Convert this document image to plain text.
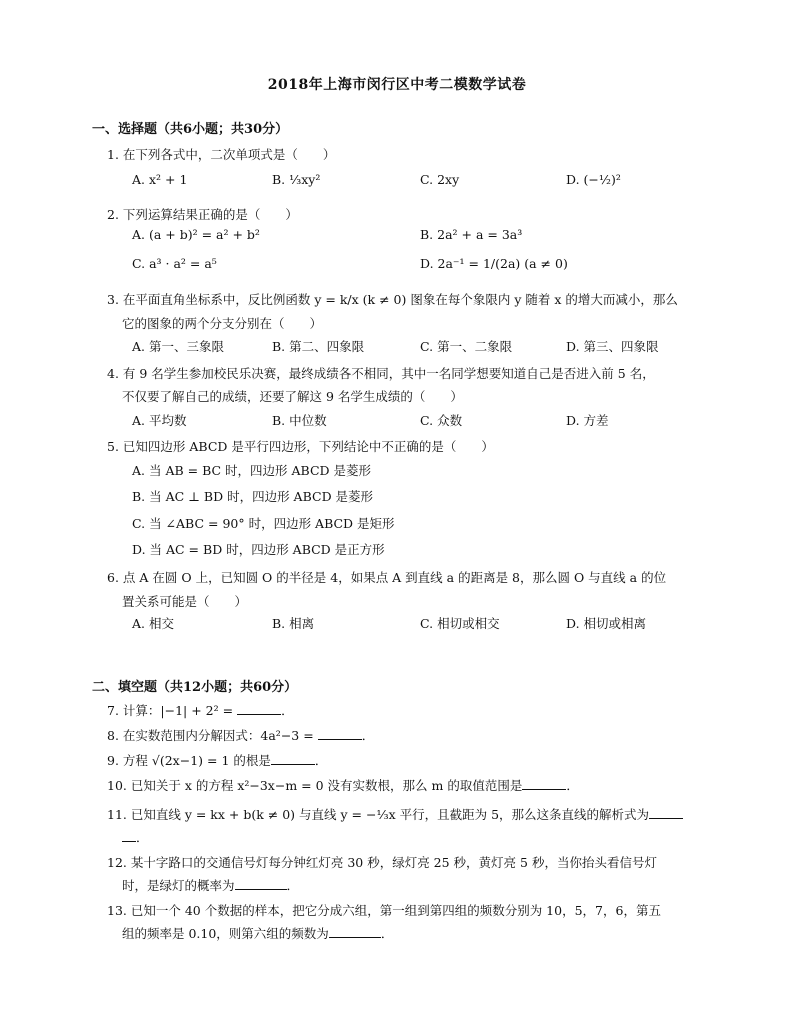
2018年上海市闵行区中考二模数学试卷
一、选择题（共6小题；共30分）
1. 在下列各式中，二次单项式是（　　）
A. x² + 1	B. ⅓xy²	C. 2xy	D. (−½)²
2. 下列运算结果正确的是（　　）
A. (a + b)² = a² + b²	B. 2a² + a = 3a³
C. a³ · a² = a⁵	D. 2a⁻¹ = 1/(2a) (a ≠ 0)
3. 在平面直角坐标系中，反比例函数 y = k/x (k ≠ 0) 图象在每个象限内 y 随着 x 的增大而减小，那么
它的图象的两个分支分别在（　　）
A. 第一、三象限	B. 第二、四象限	C. 第一、二象限	D. 第三、四象限
4. 有 9 名学生参加校民乐决赛，最终成绩各不相同，其中一名同学想要知道自己是否进入前 5 名，
不仅要了解自己的成绩，还要了解这 9 名学生成绩的（　　）
A. 平均数	B. 中位数	C. 众数	D. 方差
5. 已知四边形 ABCD 是平行四边形，下列结论中不正确的是（　　）
A. 当 AB = BC 时，四边形 ABCD 是菱形
B. 当 AC ⊥ BD 时，四边形 ABCD 是菱形
C. 当 ∠ABC = 90° 时，四边形 ABCD 是矩形
D. 当 AC = BD 时，四边形 ABCD 是正方形
6. 点 A 在圆 O 上，已知圆 O 的半径是 4，如果点 A 到直线 a 的距离是 8，那么圆 O 与直线 a 的位
置关系可能是（　　）
A. 相交	B. 相离	C. 相切或相交	D. 相切或相离
二、填空题（共12小题；共60分）
7. 计算：|−1| + 2² =	．
8. 在实数范围内分解因式：4a²−3 =	．
9. 方程 √(2x−1) = 1 的根是	．
10. 已知关于 x 的方程 x²−3x−m = 0 没有实数根，那么 m 的取值范围是	．
11. 已知直线 y = kx + b(k ≠ 0) 与直线 y = −⅓x 平行，且截距为 5，那么这条直线的解析式为
．
12. 某十字路口的交通信号灯每分钟红灯亮 30 秒，绿灯亮 25 秒，黄灯亮 5 秒，当你抬头看信号灯
时，是绿灯的概率为	．
13. 已知一个 40 个数据的样本，把它分成六组，第一组到第四组的频数分别为 10，5，7，6，第五
组的频率是 0.10，则第六组的频数为	．
